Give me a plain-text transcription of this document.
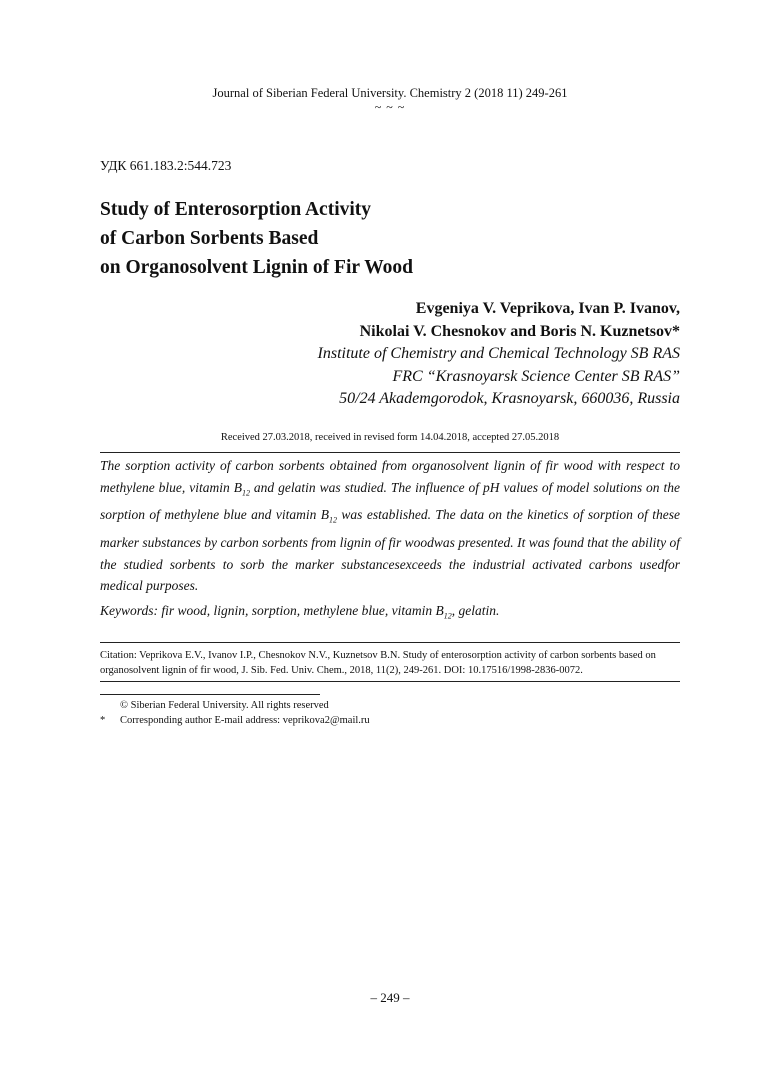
Journal of Siberian Federal University. Chemistry 2 (2018 11) 249-261
~ ~ ~
УДК 661.183.2:544.723
Study of Enterosorption Activity
of Carbon Sorbents Based
on Organosolvent Lignin of Fir Wood
Evgeniya V. Veprikova, Ivan P. Ivanov,
Nikolai V. Chesnokov and Boris N. Kuznetsov*
Institute of Chemistry and Chemical Technology SB RAS
FRC “Krasnoyarsk Science Center SB RAS”
50/24 Akademgorodok, Krasnoyarsk, 660036, Russia
Received 27.03.2018, received in revised form 14.04.2018, accepted 27.05.2018
The sorption activity of carbon sorbents obtained from organosolvent lignin of fir wood with respect to methylene blue, vitamin $B_{12}$ and gelatin was studied. The influence of pH values of model solutions on the sorption of methylene blue and vitamin $B_{12}$ was established. The data on the kinetics of sorption of these marker substances by carbon sorbents from lignin of fir woodwas presented. It was found that the ability of the studied sorbents to sorb the marker substancesexceeds the industrial activated carbons usedfor medical purposes.
Keywords: fir wood, lignin, sorption, methylene blue, vitamin $B_{12}$, gelatin.
Citation: Veprikova E.V., Ivanov I.P., Chesnokov N.V., Kuznetsov B.N. Study of enterosorption activity of carbon sorbents based on organosolvent lignin of fir wood, J. Sib. Fed. Univ. Chem., 2018, 11(2), 249-261. DOI: 10.17516/1998-2836-0072.
© Siberian Federal University. All rights reserved
*	Corresponding author E-mail address: veprikova2@mail.ru
– 249 –
